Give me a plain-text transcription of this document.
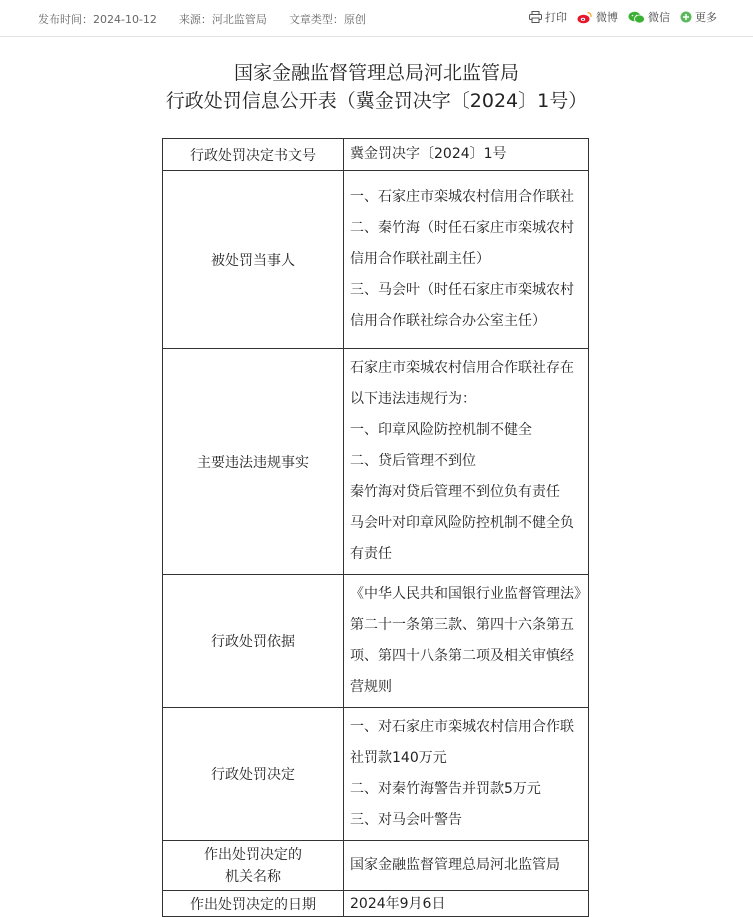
发布时间：2024-10-12 来源：河北监管局 文章类型：原创	打印	微博	微信 更多
国家金融监督管理总局河北监管局
行政处罚信息公开表（冀金罚决字〔2024〕1号）
行政处罚决定书文号	冀金罚决字〔2024〕1号

被处罚当事人	一、石家庄市栾城农村信用合作联社

二、秦竹海（时任石家庄市栾城农村信用合作联社副主任）

三、马会叶（时任石家庄市栾城农村信用合作联社综合办公室主任）

主要违法违规事实	石家庄市栾城农村信用合作联社存在以下违法违规行为：

一、印章风险防控机制不健全

二、贷后管理不到位

秦竹海对贷后管理不到位负有责任

马会叶对印章风险防控机制不健全负有责任

行政处罚依据	《中华人民共和国银行业监督管理法》第二十一条第三款、第四十六条第五项、第四十八条第二项及相关审慎经营规则

行政处罚决定	一、对石家庄市栾城农村信用合作联社罚款140万元

二、对秦竹海警告并罚款5万元

三、对马会叶警告

作出处罚决定的
机关名称	国家金融监督管理总局河北监管局

作出处罚决定的日期	2024年9月6日
